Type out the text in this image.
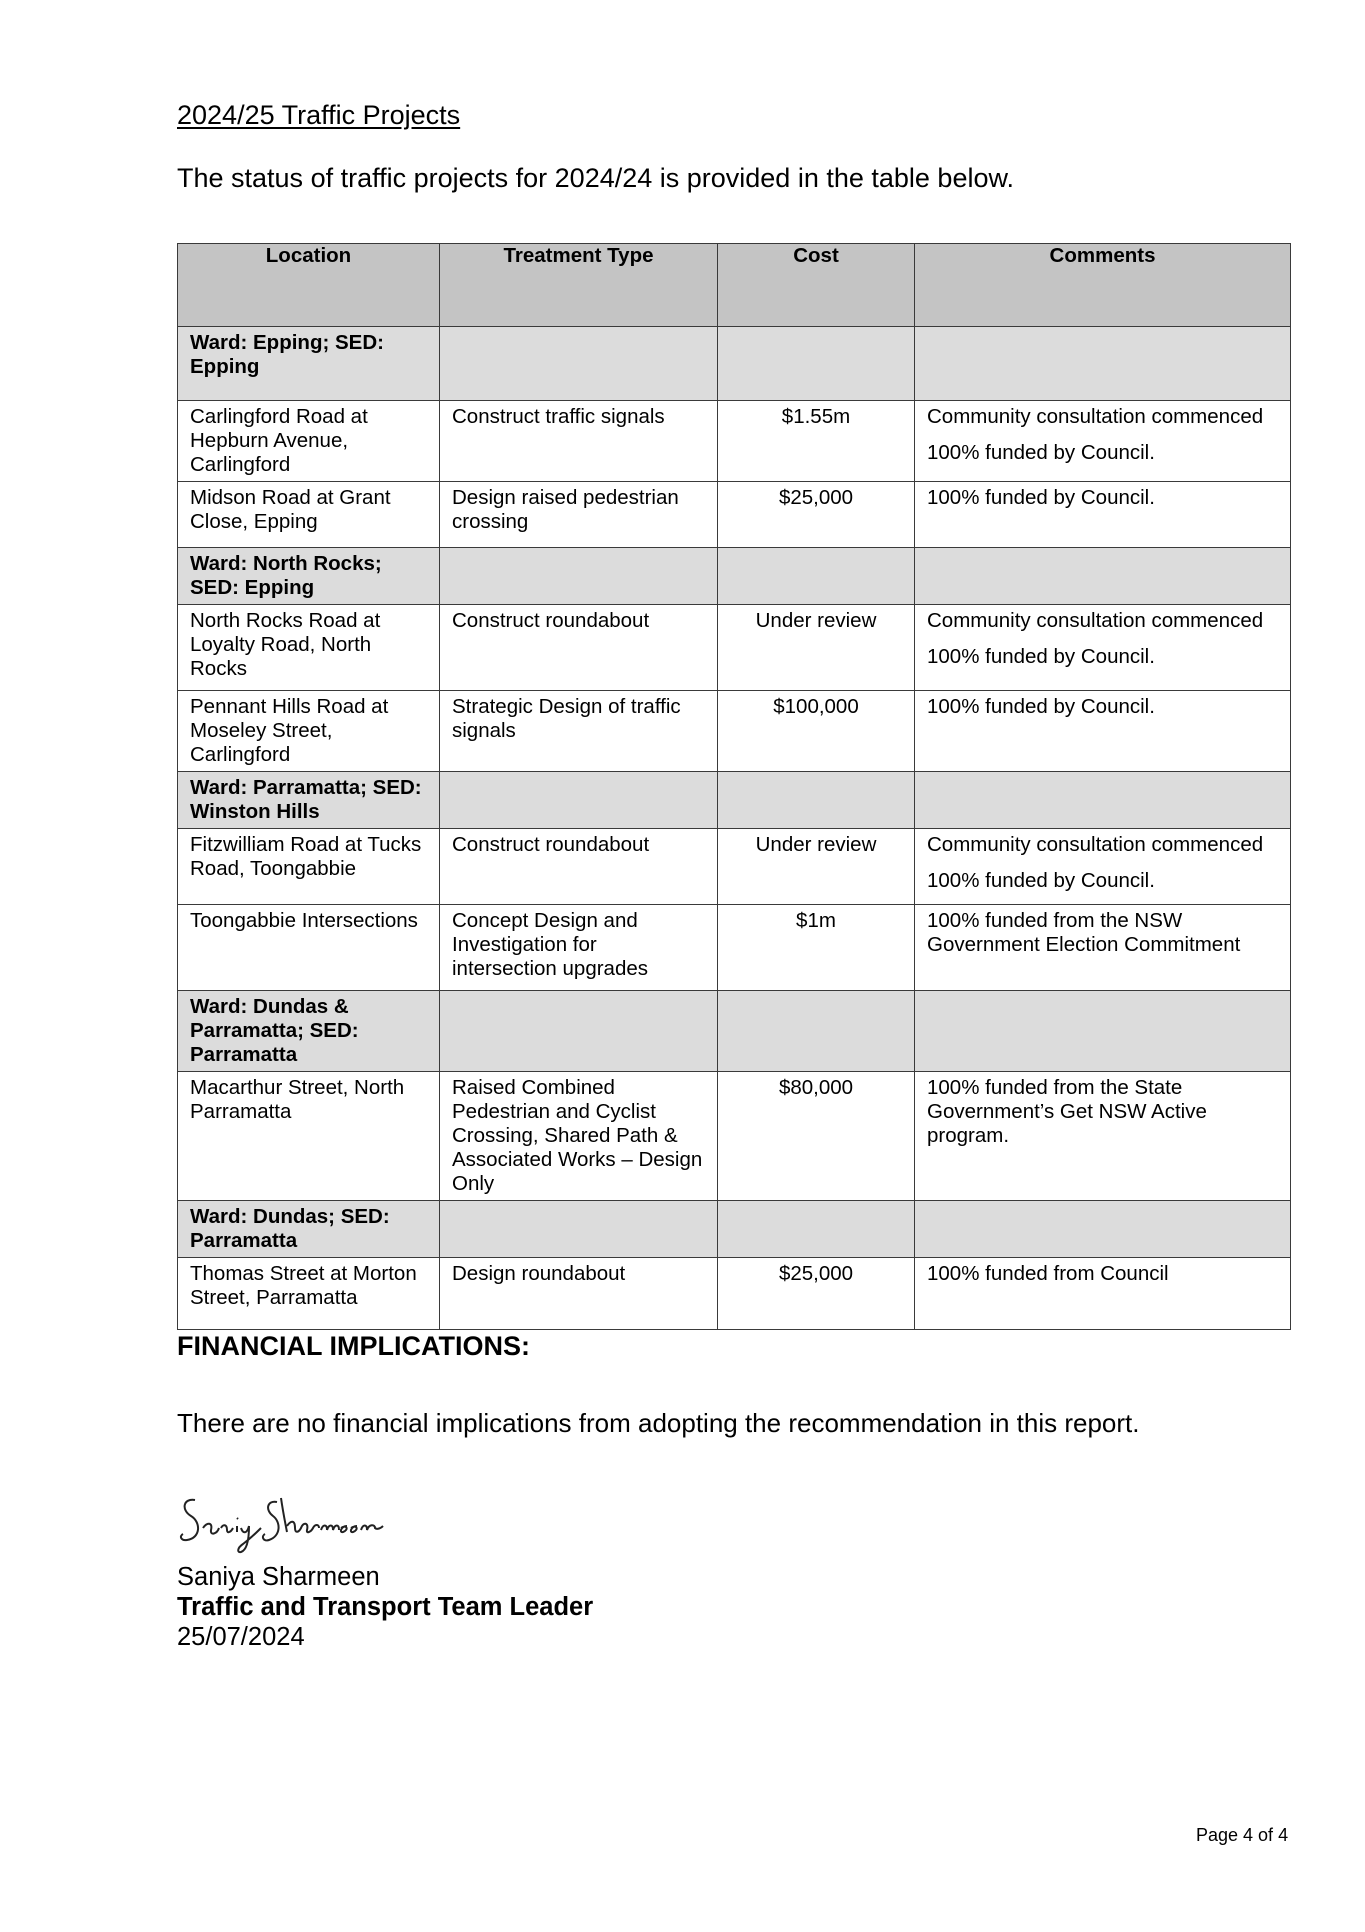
2024/25 Traffic Projects

The status of traffic projects for 2024/24 is provided in the table below.

Location	Treatment Type	Cost	Comments
Ward: Epping; SED: Epping			
Carlingford Road at Hepburn Avenue, Carlingford	Construct traffic signals	$1.55m	Community consultation commenced
100% funded by Council.

Midson Road at Grant Close, Epping	Design raised pedestrian crossing	$25,000	100% funded by Council.

Ward: North Rocks; SED: Epping			
North Rocks Road at Loyalty Road, North Rocks	Construct roundabout	Under review	Community consultation commenced
100% funded by Council.

Pennant Hills Road at Moseley Street, Carlingford	Strategic Design of traffic signals	$100,000	100% funded by Council.

Ward: Parramatta; SED: Winston Hills			
Fitzwilliam Road at Tucks Road, Toongabbie	Construct roundabout	Under review	Community consultation commenced
100% funded by Council.

Toongabbie Intersections	Concept Design and Investigation for intersection upgrades	$1m	100% funded from the NSW Government Election Commitment

Ward: Dundas & Parramatta; SED: Parramatta			
Macarthur Street, North Parramatta	Raised Combined Pedestrian and Cyclist Crossing, Shared Path & Associated Works – Design Only	$80,000	100% funded from the State Government’s Get NSW Active program.

Ward: Dundas; SED: Parramatta			
Thomas Street at Morton Street, Parramatta	Design roundabout	$25,000	100% funded from Council
FINANCIAL IMPLICATIONS:

There are no financial implications from adopting the recommendation in this report.

Saniya Sharmeen
Saniya Sharmeen
Traffic and Transport Team Leader
25/07/2024
Page 4 of 4
